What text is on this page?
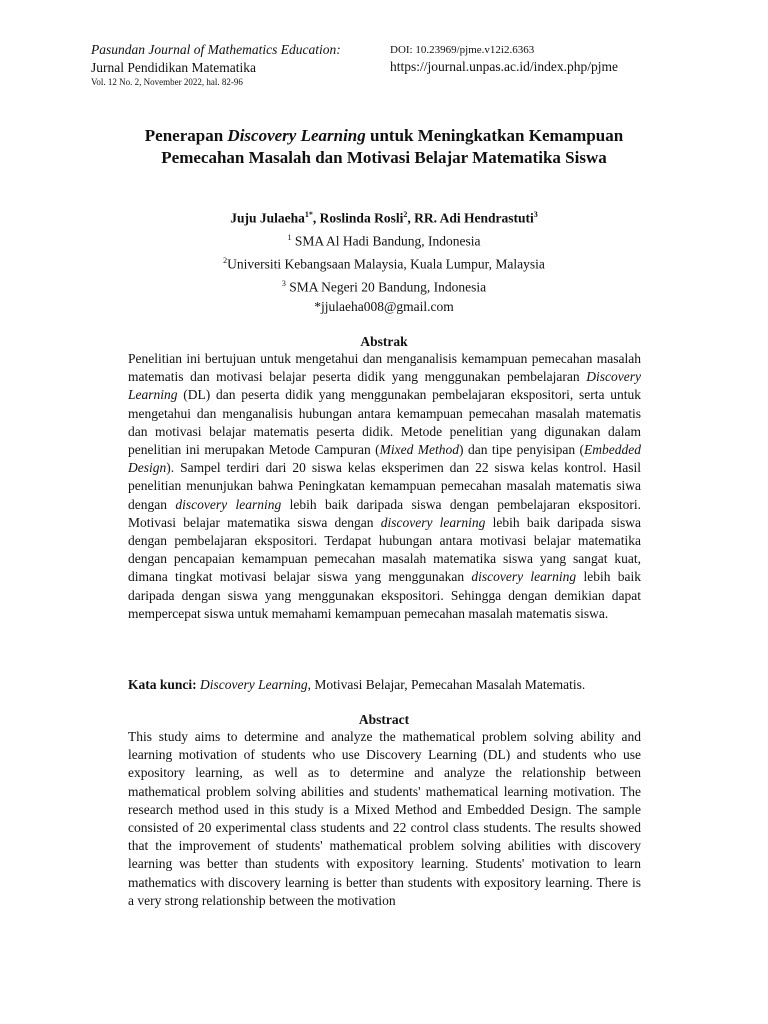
Pasundan Journal of Mathematics Education:
Jurnal Pendidikan Matematika
Vol. 12 No. 2, November 2022, hal. 82-96
DOI: 10.23969/pjme.v12i2.6363
https://journal.unpas.ac.id/index.php/pjme
Penerapan Discovery Learning untuk Meningkatkan Kemampuan
Pemecahan Masalah dan Motivasi Belajar Matematika Siswa
Juju Julaeha$^{1*}$, Roslinda Rosli$^2$, RR. Adi Hendrastuti$^3$
$^1$ SMA Al Hadi Bandung, Indonesia
$^2$Universiti Kebangsaan Malaysia, Kuala Lumpur, Malaysia
$^3$ SMA Negeri 20 Bandung, Indonesia
*jjulaeha008@gmail.com
Abstrak
Penelitian ini bertujuan untuk mengetahui dan menganalisis kemampuan pemecahan masalah matematis dan motivasi belajar peserta didik yang menggunakan pembelajaran Discovery Learning (DL) dan peserta didik yang menggunakan pembelajaran ekspositori, serta untuk mengetahui dan menganalisis hubungan antara kemampuan pemecahan masalah matematis dan motivasi belajar matematis peserta didik. Metode penelitian yang digunakan dalam penelitian ini merupakan Metode Campuran (Mixed Method) dan tipe penyisipan (Embedded Design). Sampel terdiri dari 20 siswa kelas eksperimen dan 22 siswa kelas kontrol. Hasil penelitian menunjukan bahwa Peningkatan kemampuan pemecahan masalah matematis siwa dengan discovery learning lebih baik daripada siswa dengan pembelajaran ekspositori. Motivasi belajar matematika siswa dengan discovery learning lebih baik daripada siswa dengan pembelajaran ekspositori. Terdapat hubungan antara motivasi belajar matematika dengan pencapaian kemampuan pemecahan masalah matematika siswa yang sangat kuat, dimana tingkat motivasi belajar siswa yang menggunakan discovery learning lebih baik daripada dengan siswa yang menggunakan ekspositori. Sehingga dengan demikian dapat mempercepat siswa untuk memahami kemampuan pemecahan masalah matematis siswa.
Kata kunci: Discovery Learning, Motivasi Belajar, Pemecahan Masalah Matematis.
Abstract
This study aims to determine and analyze the mathematical problem solving ability and learning motivation of students who use Discovery Learning (DL) and students who use expository learning, as well as to determine and analyze the relationship between mathematical problem solving abilities and students' mathematical learning motivation. The research method used in this study is a Mixed Method and Embedded Design. The sample consisted of 20 experimental class students and 22 control class students. The results showed that the improvement of students' mathematical problem solving abilities with discovery learning was better than students with expository learning. Students' motivation to learn mathematics with discovery learning is better than students with expository learning. There is a very strong relationship between the motivation
